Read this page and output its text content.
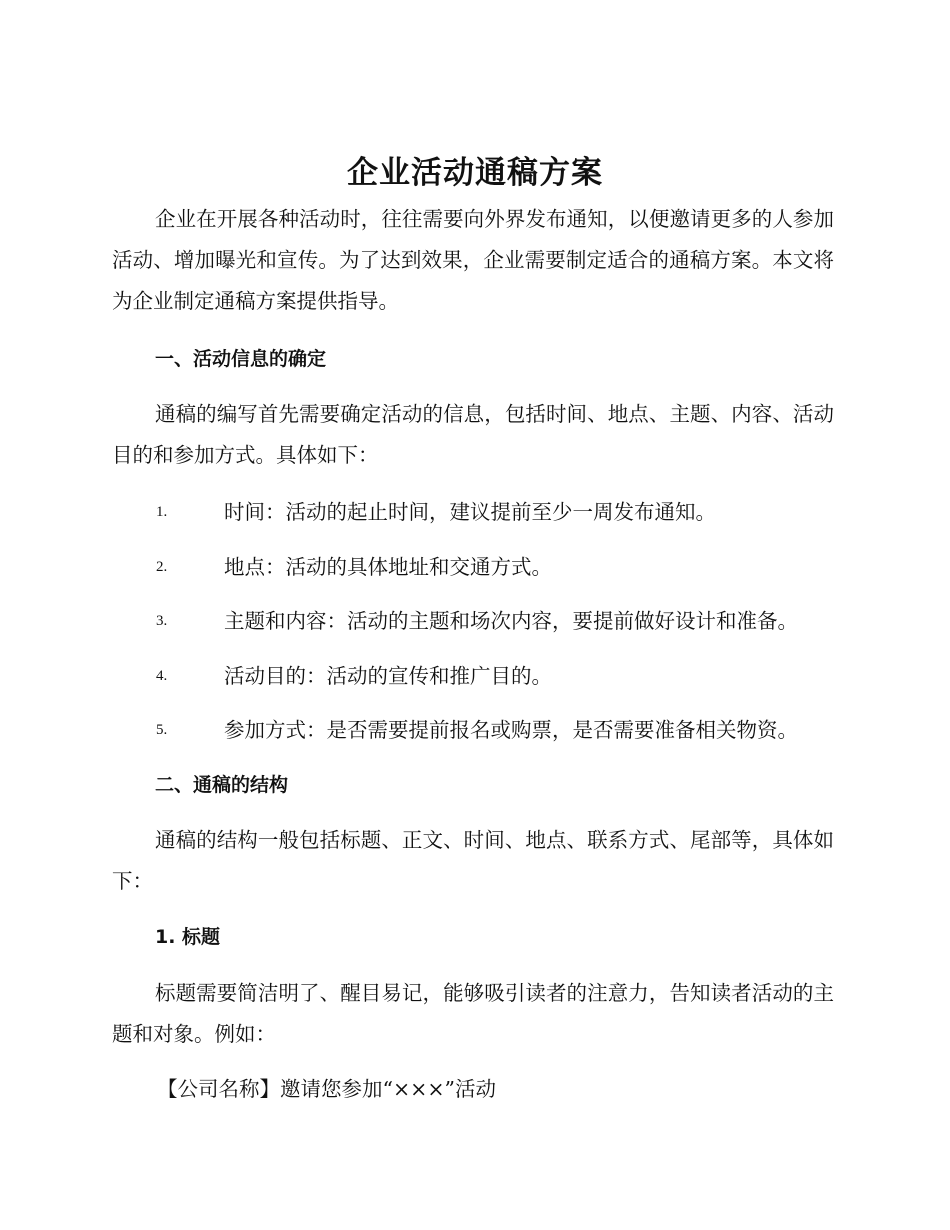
企业活动通稿方案

企业在开展各种活动时，往往需要向外界发布通知，以便邀请更多的人参加活动、增加曝光和宣传。为了达到效果，企业需要制定适合的通稿方案。本文将为企业制定通稿方案提供指导。

一、活动信息的确定

通稿的编写首先需要确定活动的信息，包括时间、地点、主题、内容、活动目的和参加方式。具体如下：

1.	时间：活动的起止时间，建议提前至少一周发布通知。
2.	地点：活动的具体地址和交通方式。
3.	主题和内容：活动的主题和场次内容，要提前做好设计和准备。
4.	活动目的：活动的宣传和推广目的。
5.	参加方式：是否需要提前报名或购票，是否需要准备相关物资。
二、通稿的结构

通稿的结构一般包括标题、正文、时间、地点、联系方式、尾部等，具体如下：

1. 标题

标题需要简洁明了、醒目易记，能够吸引读者的注意力，告知读者活动的主题和对象。例如：

【公司名称】邀请您参加“×××”活动
